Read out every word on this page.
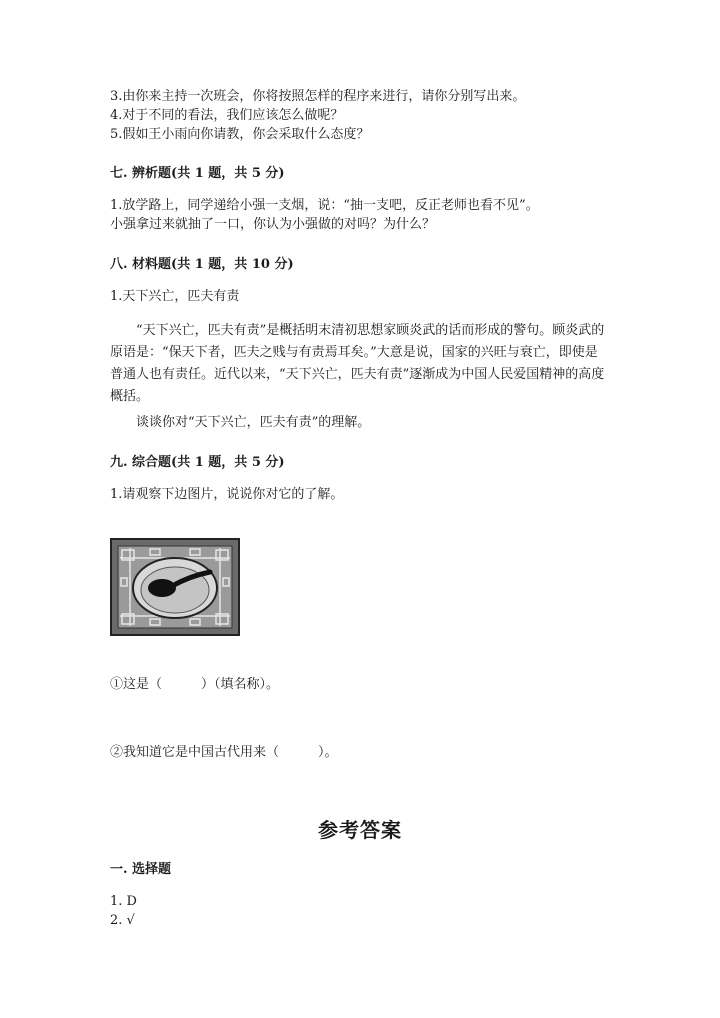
3.由你来主持一次班会，你将按照怎样的程序来进行，请你分别写出来。
4.对于不同的看法，我们应该怎么做呢？
5.假如王小雨向你请教，你会采取什么态度？
七. 辨析题(共 1 题，共 5 分)
1.放学路上，同学递给小强一支烟，说：“抽一支吧，反正老师也看不见”。
小强拿过来就抽了一口，你认为小强做的对吗？为什么？
八. 材料题(共 1 题，共 10 分)
1.天下兴亡，匹夫有责
“天下兴亡，匹夫有责”是概括明末清初思想家顾炎武的话而形成的警句。顾炎武的原语是：“保天下者，匹夫之贱与有责焉耳矣。”大意是说，国家的兴旺与衰亡，即使是普通人也有责任。近代以来，“天下兴亡，匹夫有责”逐渐成为中国人民爱国精神的高度概括。
谈谈你对“天下兴亡，匹夫有责”的理解。
九. 综合题(共 1 题，共 5 分)
1.请观察下边图片，说说你对它的了解。
①这是（　　　）（填名称）。
②我知道它是中国古代用来（　　　）。
参考答案
一. 选择题
1. D
2. √
